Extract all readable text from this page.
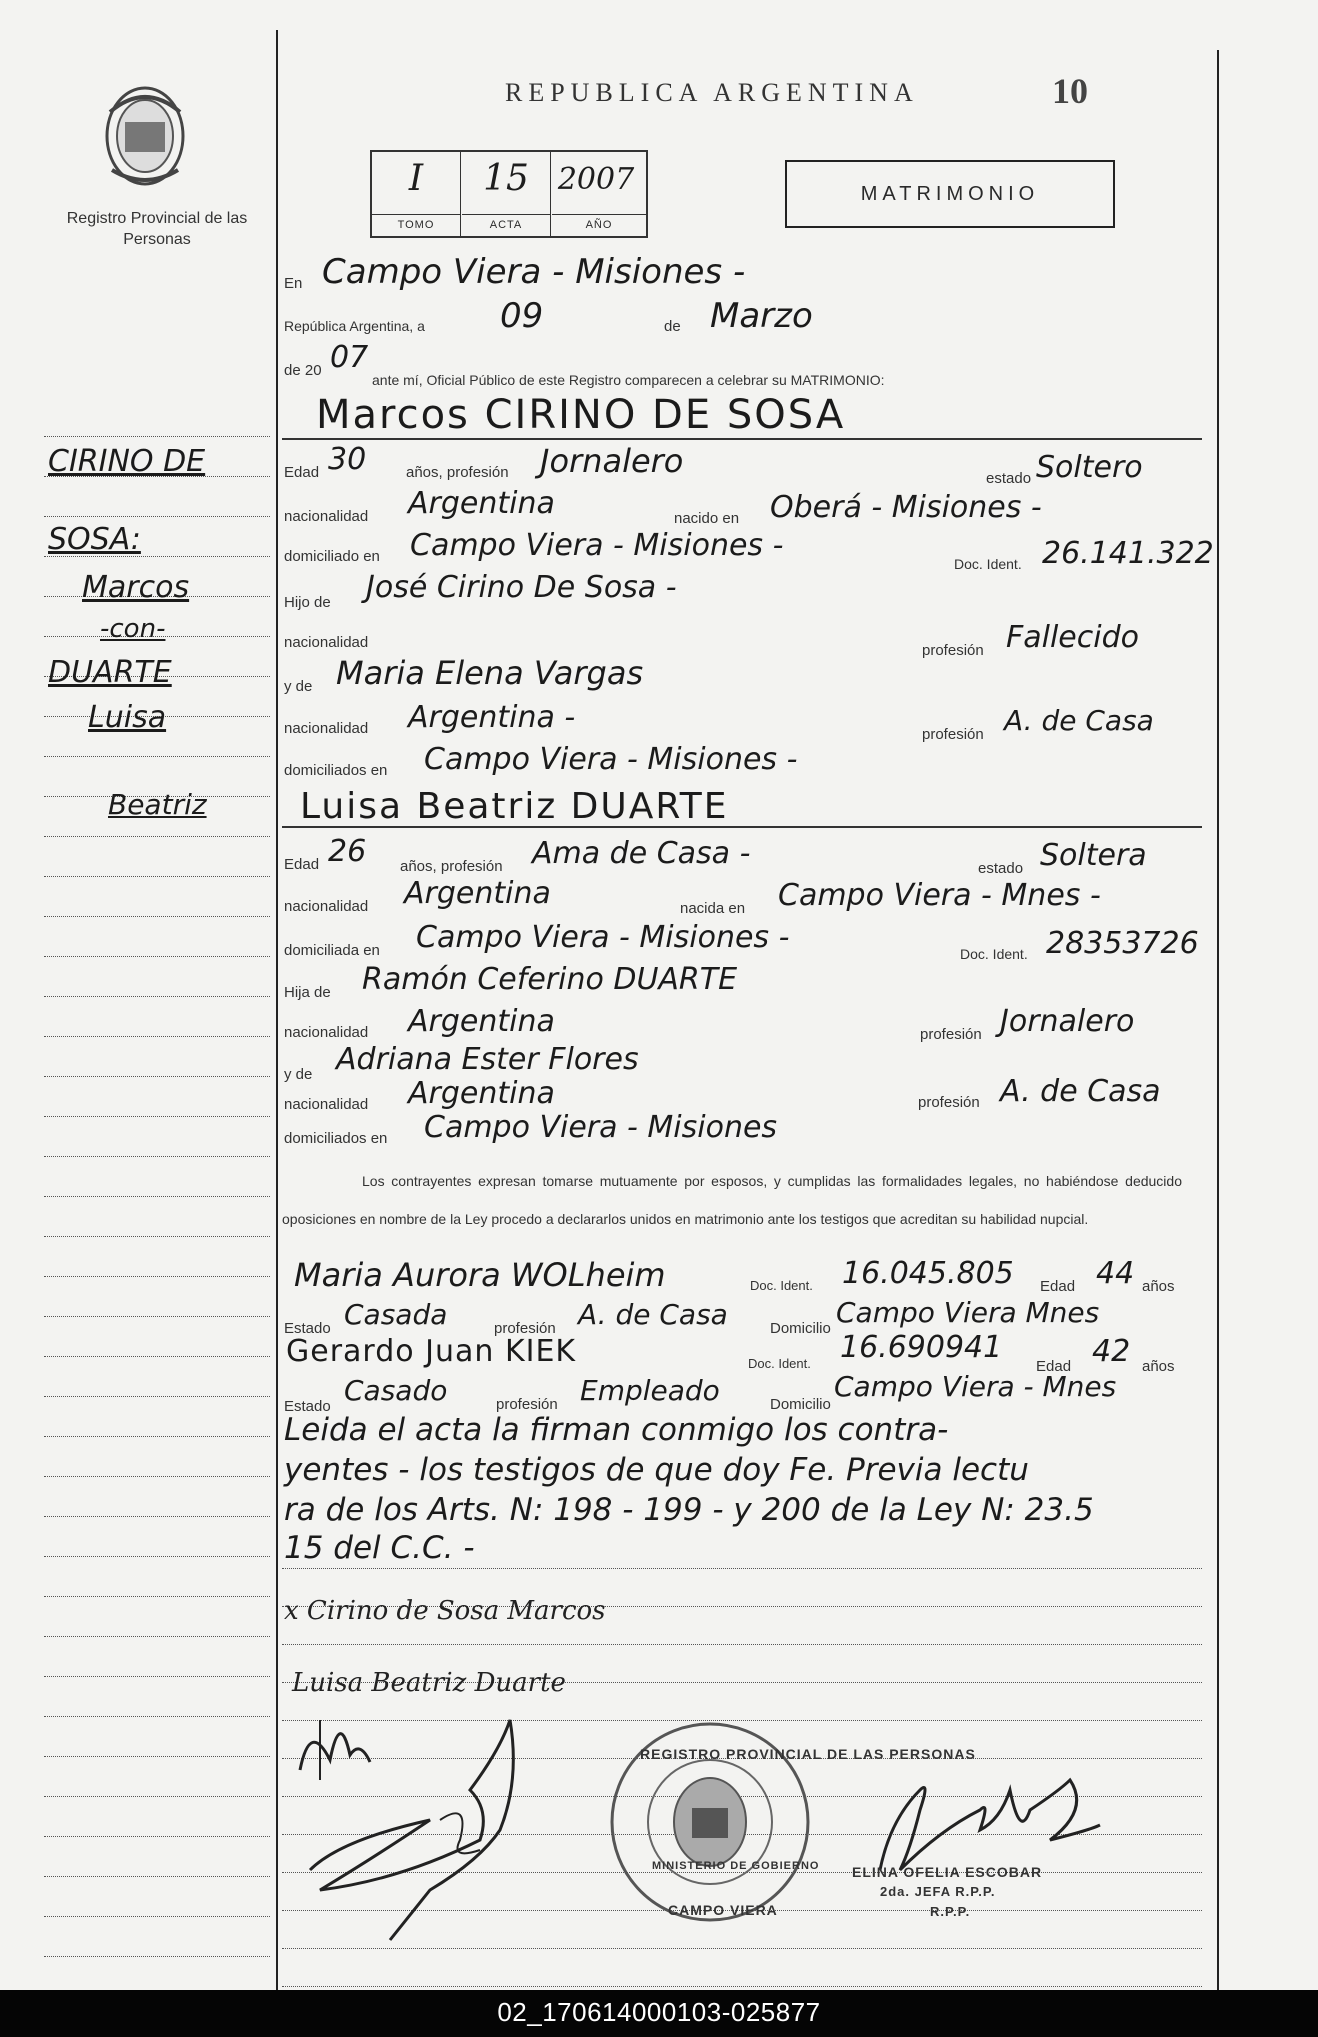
Registro Provincial de las Personas
REPUBLICA ARGENTINA	10
I
TOMO
15
ACTA
2007
AÑO
MATRIMONIO
CIRINO DE
SOSA:
Marcos
-con-
DUARTE
Luisa
Beatriz
En Campo Viera - Misiones -
República Argentina, a 09	de Marzo
de 20 07
ante mí, Oficial Público de este Registro comparecen a celebrar su MATRIMONIO:
Marcos CIRINO DE SOSA
Edad 30	años, profesión Jornalero	estado Soltero
nacionalidad Argentina	nacido en Oberá - Misiones -
domiciliado en Campo Viera - Misiones -
Doc. Ident. 26.141.322
Hijo de José Cirino De Sosa -
nacionalidad	profesión Fallecido
y de Maria Elena Vargas
nacionalidad Argentina -	profesión A. de Casa
domiciliados en Campo Viera - Misiones -
Luisa Beatriz DUARTE
Edad 26 años, profesión Ama de Casa -	estado Soltera
nacionalidad Argentina	nacida en Campo Viera - Mnes -
domiciliada en Campo Viera - Misiones -	Doc. Ident. 28353726
Hija de Ramón Ceferino DUARTE
nacionalidad Argentina	profesión Jornalero
y de Adriana Ester Flores
nacionalidad Argentina	profesión A. de Casa
domiciliados en Campo Viera - Misiones
Los contrayentes expresan tomarse mutuamente por esposos, y cumplidas las formalidades legales, no habiéndose deducido oposiciones en nombre de la Ley procedo a declararlos unidos en matrimonio ante los testigos que acreditan su habilidad nupcial.
Maria Aurora WOLheim	Doc. Ident. 16.045.805 Edad 44 años
Estado Casada	profesión A. de Casa	Domicilio Campo Viera Mnes
Gerardo Juan KIEK	Doc. Ident. 16.690941
Edad 42 años
Estado Casado	profesión Empleado	Domicilio
Campo Viera - Mnes
Leida el acta la firman conmigo los contra-
yentes - los testigos de que doy Fe. Previa lectu
ra de los Arts. N: 198 - 199 - y 200 de la Ley N: 23.5
15 del C.C. -
x Cirino de Sosa Marcos
Luisa Beatriz Duarte
REGISTRO PROVINCIAL DE LAS PERSONAS
MINISTERIO DE GOBIERNO
CAMPO VIERA
ELINA OFELIA ESCOBAR
2da. JEFA R.P.P.
R.P.P.
02_170614000103-025877
